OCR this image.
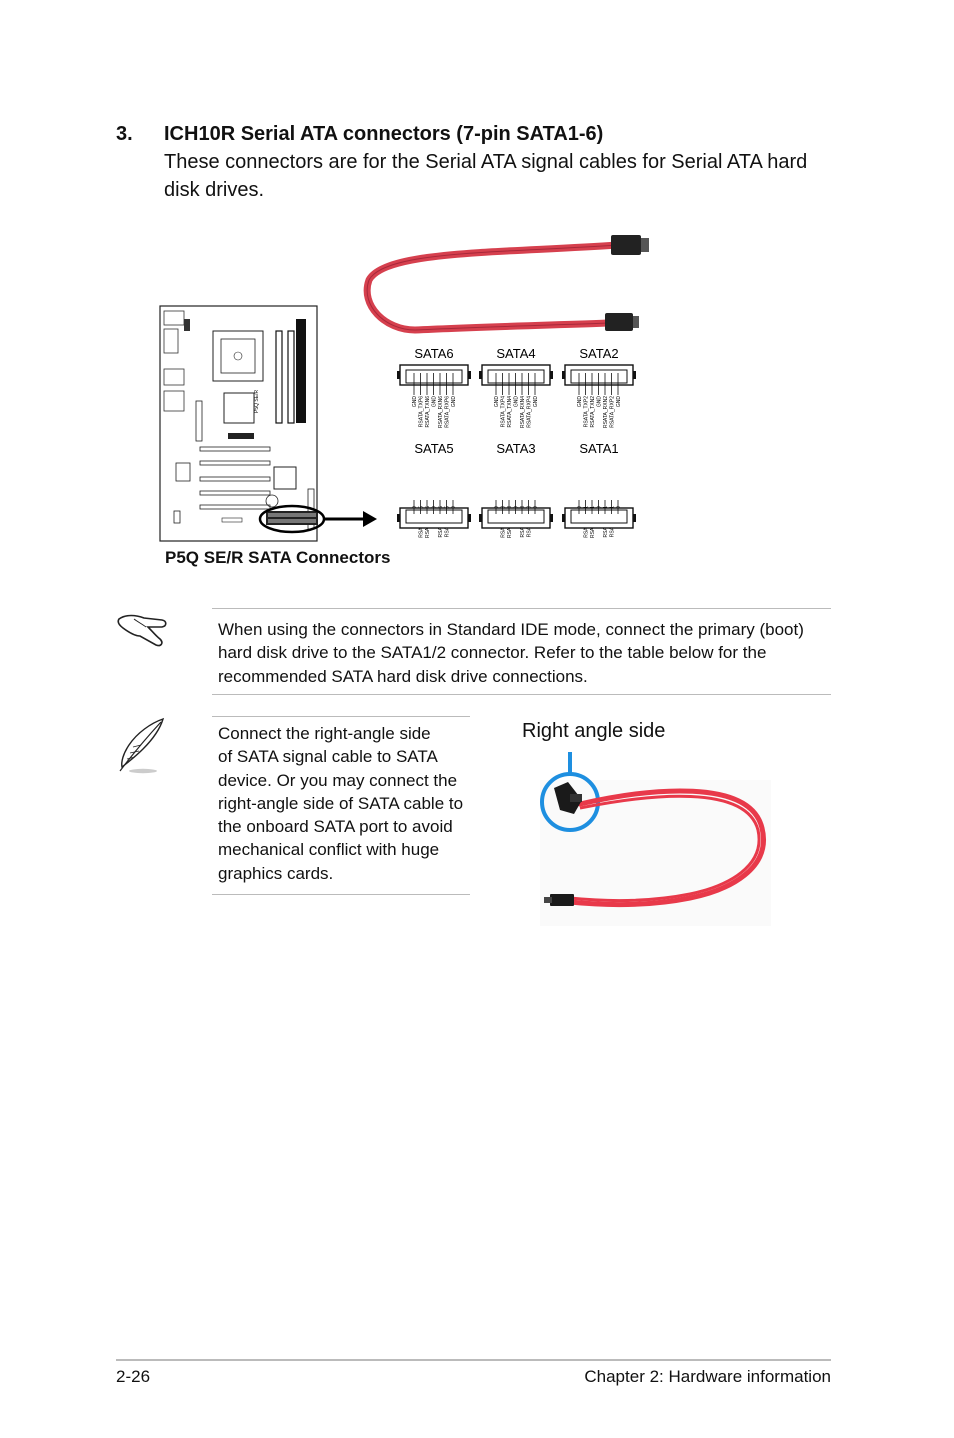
3. ICH10R Serial ATA connectors (7-pin SATA1-6)
These connectors are for the Serial ATA signal cables for Serial ATA hard disk drives.
P5Q SE/R
SATA6
GND RSATA_TXP6 RSATA_TXN6 GND RSATA_RXN6 RSATA_RXP6 GND
SATA4
GND RSATA_TXP4 RSATA_TXN4 GND RSATA_RXN4 RSATA_RXP4 GND
SATA2
GND RSATA_TXP2 RSATA_TXN2 GND RSATA_RXN2 RSATA_RXP2 GND
SATA5	SATA3	SATA1
P5Q SE/R SATA Connectors
When using the connectors in Standard IDE mode, connect the primary (boot)
hard disk drive to the SATA1/2 connector. Refer to the table below for the
recommended SATA hard disk drive connections.
Connect the right-angle side
of SATA signal cable to SATA
device. Or you may connect the
right-angle side of SATA cable to
the onboard SATA port to avoid
mechanical conflict with huge
graphics cards.
Right angle side
2-26	Chapter 2: Hardware information
